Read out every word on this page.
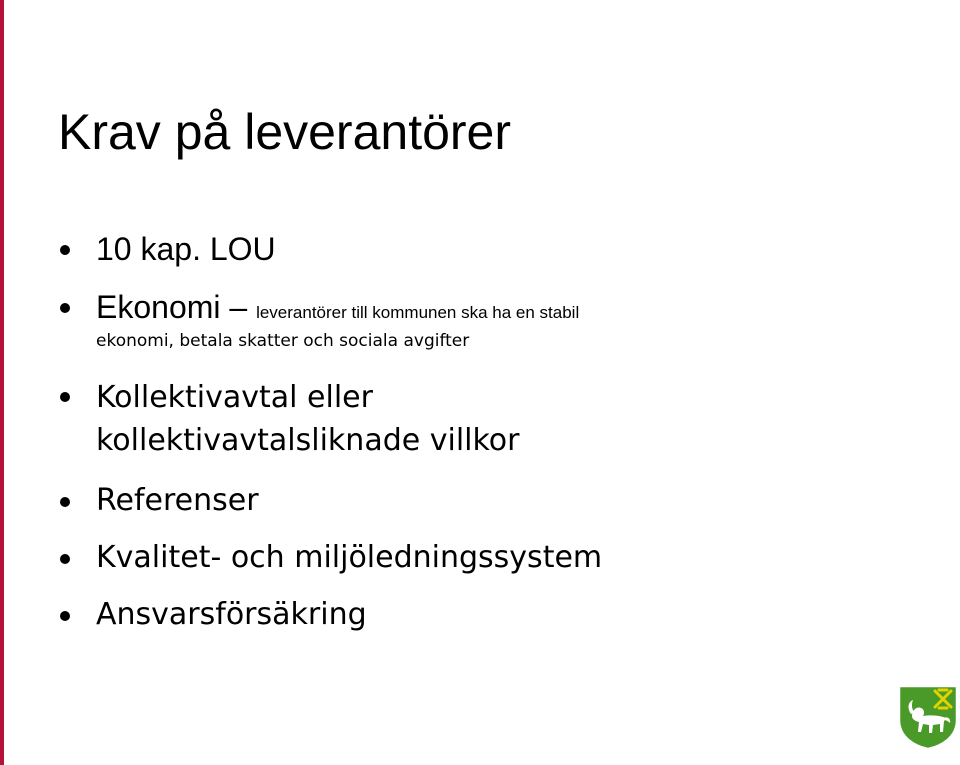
Krav på leverantörer
10 kap. LOU
Ekonomi – leverantörer till kommunen ska ha en stabil
ekonomi, betala skatter och sociala avgifter
Kollektivavtal eller kollektivavtalsliknade villkor
Referenser
Kvalitet- och miljöledningssystem
Ansvarsförsäkring
